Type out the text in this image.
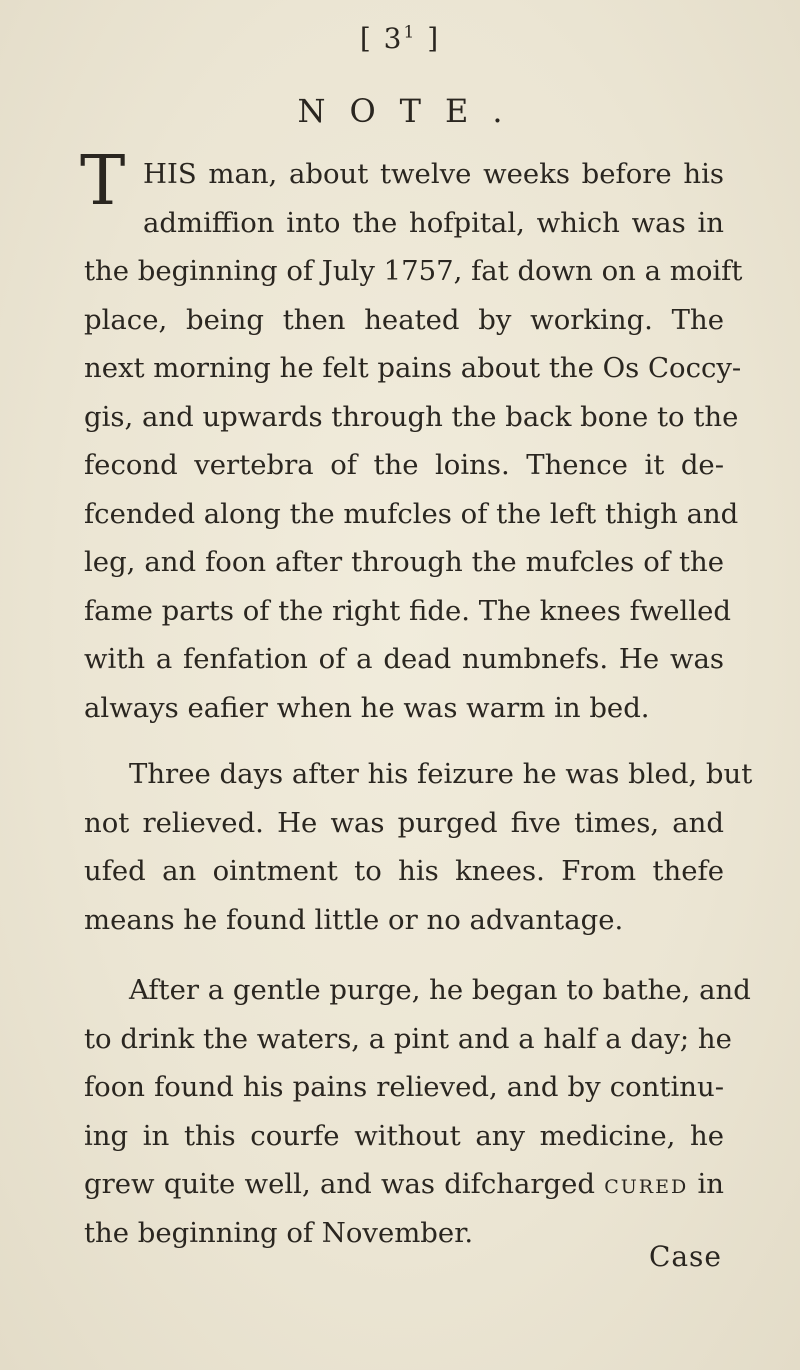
[ $3^1$ ]
NOTE.
T HIS man, about twelve weeks before his
admiffion into the hofpital, which was in
the beginning of July 1757, fat down on a moift
place, being then heated by working. The
next morning he felt pains about the Os Coccy-
gis, and upwards through the back bone to the
fecond vertebra of the loins. Thence it de-
fcended along the mufcles of the left thigh and
leg, and foon after through the mufcles of the
fame parts of the right fide. The knees fwelled
with a fenfation of a dead numbnefs. He was
always eafier when he was warm in bed.
Three days after his feizure he was bled, but
not relieved. He was purged five times, and
ufed an ointment to his knees. From thefe
means he found little or no advantage.
After a gentle purge, he began to bathe, and
to drink the waters, a pint and a half a day; he
foon found his pains relieved, and by continu-
ing in this courfe without any medicine, he
grew quite well, and was difcharged CURED in
the beginning of November.
Case
